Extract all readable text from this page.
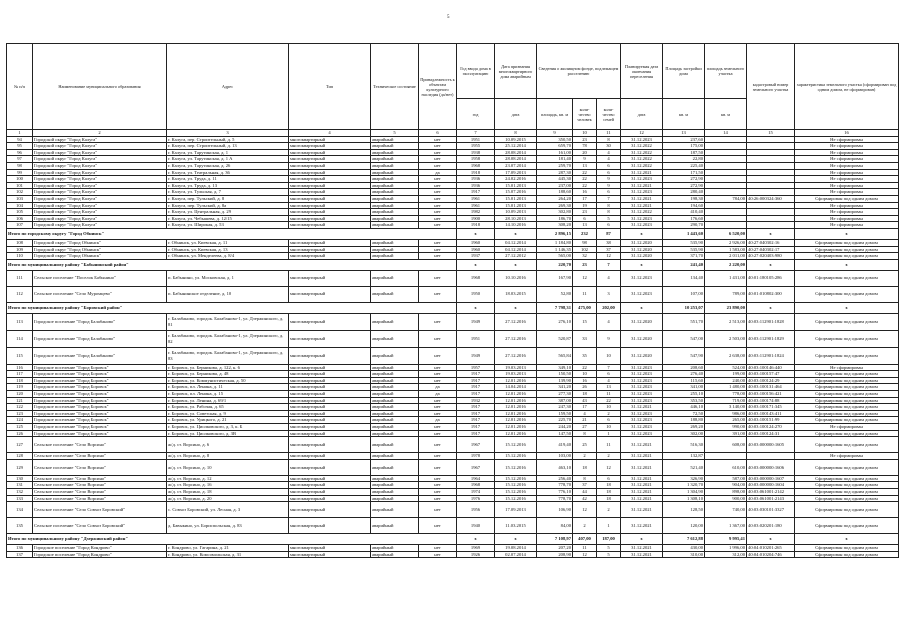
5
№ п/п	Наименование муниципального образования	Адрес	Тип	Техническое состояние	Принадлежность к объектам культурного наследия (да/нет)	Год ввода дома в эксплуатацию	Дата признания многоквартирного дома аварийным	Сведения о жилищном фонде, подлежащем расселению			Планируемая дата окончания переселения	Площадь застройки дома	площадь земельного участка	кадастровый номер земельного участка	характеристика земельного участка (сформирован под одним домом, не сформирован)
						год	дата	площадь, кв. м	коли-чество человек	коли-чество семей	дата	кв. м	кв. м		
1	2	3	4	5	6	7	8	9	10	11	12	13	14	15	16
94	Городской округ "Город Калуга"	г. Калуга, пер. Строительный, д. 5	многоквартирный	аварийный	нет	1951	10.09.2015	350,50	23	8	31.12.2023	237,60			Не сформирован
95	Городской округ "Город Калуга"	г. Калуга, пер. Строительный, д. 13	многоквартирный	аварийный	нет	1955	25.12.2014	659,70	78	30	31.12.2022	175,00			Не сформирован
96	Городской округ "Город Калуга"	г. Калуга, ул. Тарутинская, д. 1	многоквартирный	аварийный	нет	1938	28.08.2014	161,00	20	4	31.12.2022	187,50			Не сформирован
97	Городской округ "Город Калуга"	г. Калуга, ул. Тарутинская, д. 1 А	многоквартирный	аварийный	нет	1958	28.08.2014	181,40	9	4	31.12.2022	22,80			Не сформирован
98	Городской округ "Город Калуга"	г. Калуга, ул. Тарутинская, д. 26	многоквартирный	аварийный	нет	1968	23.07.2014	259,70	13	6	31.12.2022	225,40			Не сформирован
99	Городской округ "Город Калуга"	г. Калуга, ул. Театральная, д. 36	многоквартирный	аварийный	да	1918	17.09.2013	287,30	22	6	31.12.2021	171,50			Не сформирован
100	Городской округ "Город Калуга"	г. Калуга, ул. Труда, д. 11	многоквартирный	аварийный	нет	1936	24.02.2016	445,30	22	9	31.12.2023	272,90			Не сформирован
101	Городской округ "Город Калуга"	г. Калуга, ул. Труда, д. 13	многоквартирный	аварийный	нет	1936	15.01.2013	237,00	22	9	31.12.2021	272,90			Не сформирован
102	Городской округ "Город Калуга"	г. Калуга, ул. Тульская, д. 7	многоквартирный	аварийный	нет	1917	15.07.2016	188,60	16	6	31.12.2023	280,40			Не сформирован
103	Городской округ "Город Калуга"	г. Калуга, пер. Тульский, д. 8	многоквартирный	аварийный	нет	1961	15.01.2013	264,20	17	7	31.12.2021	198,30	784,00	40:26:000324:360	Сформирован под одним домом
104	Городской округ "Город Калуга"	г. Калуга, пер. Тульский, д. 8а	многоквартирный	аварийный	нет	1961	15.01.2013	269,30	19	8	31.12.2021	194,60			Не сформирован
105	Городской округ "Город Калуга"	г. Калуга, ул. Центральная, д. 29	многоквартирный	аварийный	нет	1982	10.09.2013	302,80	23	8	31.12.2022	410,40			Не сформирован
106	Городской округ "Город Калуга"	г. Калуга, ул. Чебышева, д. 12/15	многоквартирный	аварийный	нет	1900	28.10.2013	186,70	6	5	31.12.2023	176,60			Не сформирован
107	Городской округ "Город Калуга"	г. Калуга, ул. Широкая, д. 53	многоквартирный	аварийный	нет	1918	14.10.2016	308,20	13	6	31.12.2023	290,70			Не сформирован
Итого по городскому округу "Город Обнинск"						x	x	2 896,15	232	87	x	1 443,60	6 520,00	x	x
108	Городской округ "Город Обнинск"	г. Обнинск, ул. Киевская, д. 11	многоквартирный	аварийный	нет	1960	04.12.2014	1 184,80	98	38	31.12.2020	535,90	2 926,00	40:27:040302:16	Сформирован под одним домом
109	Городской округ "Город Обнинск"	г. Обнинск, ул. Киевская, д. 13	многоквартирный	аварийный	нет	1960	04.12.2014	1 146,35	102	37	31.12.2020	535,90	1 583,00	40:27:040302:17	Сформирован под одним домом
110	Городской округ "Город Обнинск"	г. Обнинск, ул. Менделеева, д. 8/4	многоквартирный	аварийный	нет	1937	27.12.2012	565,00	32	12	31.12.2020	371,70	2 011,00	40:27:020403:980	Сформирован под одним домом
Итого по муниципальному району "Бабынинский район"						x	x	220,70	23	7	x	241,40	2 220,00	x	x
111	Сельское поселение "Поселок Бабынино"	п. Бабынино, ул. Московская, д. 1	многоквартирный	аварийный	нет	1968	10.10.2016	167,90	12	4	31.12.2023	134,40	1 431,00	40:01:180105:286	Сформирован под одним домом
112	Сельское поселение "Село Муромцево"	п. Бабынинское отделение, д. 10	многоквартирный	аварийный	нет	1950	18.03.2015	52,80	11	3	31.12.2023	107,00	789,00	40:01:010802:300	Сформирован под одним домом
Итого по муниципальному району "Боровский район"						x	x	7 798,31	475,00	202,00	x	10 253,07	23 890,00	x	x
113	Городское поселение "Город Балабаново"	г. Балабаново, городок. Балабаново-1, ул. Дзержинского, д. 81	многоквартирный	аварийный	нет	1949	27.12.2016	276,10	15	4	31.12.2020	551,70	2 513,00	40:03:112901:1828	Сформирован под одним домом
114	Городское поселение "Город Балабаново"	г. Балабаново, городок. Балабаново-1, ул. Дзержинского, д. 82	многоквартирный	аварийный	нет	1951	27.12.2016	520,87	33	9	31.12.2020	547,00	2 503,00	40:03:112901:1829	Сформирован под одним домом
115	Городское поселение "Город Балабаново"	г. Балабаново, городок. Балабаново-1, ул. Дзержинского, д. 83	многоквартирный	аварийный	нет	1949	27.12.2016	565,84	35	10	31.12.2020	547,90	2 638,00	40:03:112901:1824	Сформирован под одним домом
116	Городское поселение "Город Боровск"	г. Боровск, ул. Берникова, д. 122, к. 6	многоквартирный	аварийный	нет	1957	19.03.2013	349,10	22	7	31.12.2023	208,60	524,00	40:03:100146:440	Не сформирован
117	Городское поселение "Город Боровск"	г. Боровск, ул. Берникова, д. 48	многоквартирный	аварийный	нет	1917	19.03.2013	150,50	10	6	31.12.2023	276,40	199,00	40:03:100157:47	Сформирован под одним домом
118	Городское поселение "Город Боровск"	г. Боровск, ул. Коммунистическая, д. 50	многоквартирный	аварийный	нет	1917	12.01.2016	139,90	16	4	31.12.2023	115,60	240,00	40:03:100124:29	Сформирован под одним домом
119	Городское поселение "Город Боровск"	г. Боровск, пл. Ленина, д. 11	многоквартирный	аварийный	да	1917	14.04.2014	341,20	26	13	31.12.2023	341,00	1 480,00	40:03:100131:464	Сформирован под одним домом
120	Городское поселение "Город Боровск"	г. Боровск, пл. Ленина, д. 15	многоквартирный	аварийный	да	1917	12.01.2016	277,30	18	11	31.12.2023	255,10	778,00	40:03:100156:421	Сформирован под одним домом
121	Городское поселение "Город Боровск"	г. Боровск, ул. Ленина, д. 69/1	многоквартирный	аварийный	нет	1932	12.01.2016	387,00	43	22	31.12.2023	353,50	719,00	40:03:100174:88	Сформирован под одним домом
122	Городское поселение "Город Боровск"	г. Боровск, ул. Рабочая, д. 65	многоквартирный	аварийный	нет	1917	12.01.2016	247,30	17	10	31.12.2021	446,10	3 140,00	40:03:100171:345	Сформирован под одним домом
123	Городское поселение "Город Боровск"	г. Боровск, ул. Советская, д. 9	многоквартирный	аварийный	нет	1917	12.01.2016	159,50	4	2	31.12.2023	72,50	986,00	40:03:100143:411	Сформирован под одним домом
124	Городское поселение "Город Боровск"	г. Боровск, ул. Урицкого, д. 21	многоквартирный	аварийный	да	1917	12.01.2016	225,70	21	6	31.12.2023	188,80	265,00	40:03:100151:99	Сформирован под одним домом
125	Городское поселение "Город Боровск"	г. Боровск, ул. Циолковского, д. 3, к. Б	многоквартирный	аварийный	нет	1917	12.01.2016	244,20	27	10	31.12.2023	269,20	990,00	40:03:100124:270	Не сформирован
126	Городское поселение "Город Боровск"	г. Боровск, ул. Циолковского, д. 3В	многоквартирный	аварийный	нет	1917	12.01.2016	147,50	8	1	31.12.2023	302,00	391,00	40:03:100124:31	Сформирован под одним домом
127	Сельское поселение "Село Ворсино"	ж/д. ст. Ворсино, д. 6	многоквартирный	аварийный	нет	1967	15.12.2016	419,40	25	11	31.12.2021	516,30	608,00	40:03:000000:1605	Сформирован под одним домом
128	Сельское поселение "Село Ворсино"	ж/д. ст. Ворсино, д. 8	многоквартирный	аварийный	нет	1978	15.12.2016	103,00	2	2	31.12.2021	132,87			Не сформирован
129	Сельское поселение "Село Ворсино"	ж/д. ст. Ворсино, д. 10	многоквартирный	аварийный	нет	1967	15.12.2016	463,10	18	12	31.12.2021	521,40	610,00	40:03:000000:1606	Сформирован под одним домом
130	Сельское поселение "Село Ворсино"	ж/д. ст. Ворсино, д. 12	многоквартирный	аварийный	нет	1964	15.12.2016	256,40	8	6	31.12.2021	326,90	587,00	40:03:000000:1607	Сформирован под одним домом
131	Сельское поселение "Село Ворсино"	ж/д. ст. Ворсино, д. 16	многоквартирный	аварийный	нет	1968	15.12.2016	778,70	37	18	31.12.2021	1 320,70	904,00	40:03:000000:1604	Сформирован под одним домом
132	Сельское поселение "Село Ворсино"	ж/д. ст. Ворсино, д. 18	многоквартирный	аварийный	нет	1974	15.12.2016	776,10	44	18	31.12.2021	1 304,90	898,00	40:03:061001:2142	Сформирован под одним домом
133	Сельское поселение "Село Ворсино"	ж/д. ст. Ворсино, д. 20	многоквартирный	аварийный	нет	1976	15.12.2016	778,70	42	18	31.12.2021	1 308,10	900,00	40:03:061001:2143	Сформирован под одним домом
134	Сельское поселение "Село Совхоз Боровский"	с. Совхоз Боровский, ул. Лесная, д. 3	многоквартирный	аварийный	нет	1956	17.09.2013	106,90	12	2	31.12.2021	128,50	740,00	40:03:030101:3327	Сформирован под одним домом
135	Сельское поселение "Село Совхоз Боровский"	д. Бавыкино, ул. Бориспольская, д. 83	многоквартирный	аварийный	нет	1940	11.03.2015	84,00	2	1	31.12.2021	120,00	1 367,00	40:03:020201:180	Сформирован под одним домом
Итого по муниципальному району "Дзержинский район"						x	x	7 108,97	407,00	187,00	x	7 612,88	9 995,41	x	x
136	Городское поселение "Город Кондрово"	г. Кондрово, ул. Гагарина, д. 21	многоквартирный	аварийный	нет	1969	19.08.2014	207,20	11	5	31.12.2021	430,00	1 996,00	40:04:010201:265	Сформирован под одним домом
137	Городское поселение "Город Кондрово"	г. Кондрово, ул. Комсомольская, д. 31	многоквартирный	аварийный	нет	1926	02.07.2014	208,90	12	5	31.12.2021	310,00	312,00	40:04:010204:746	Сформирован под одним домом
